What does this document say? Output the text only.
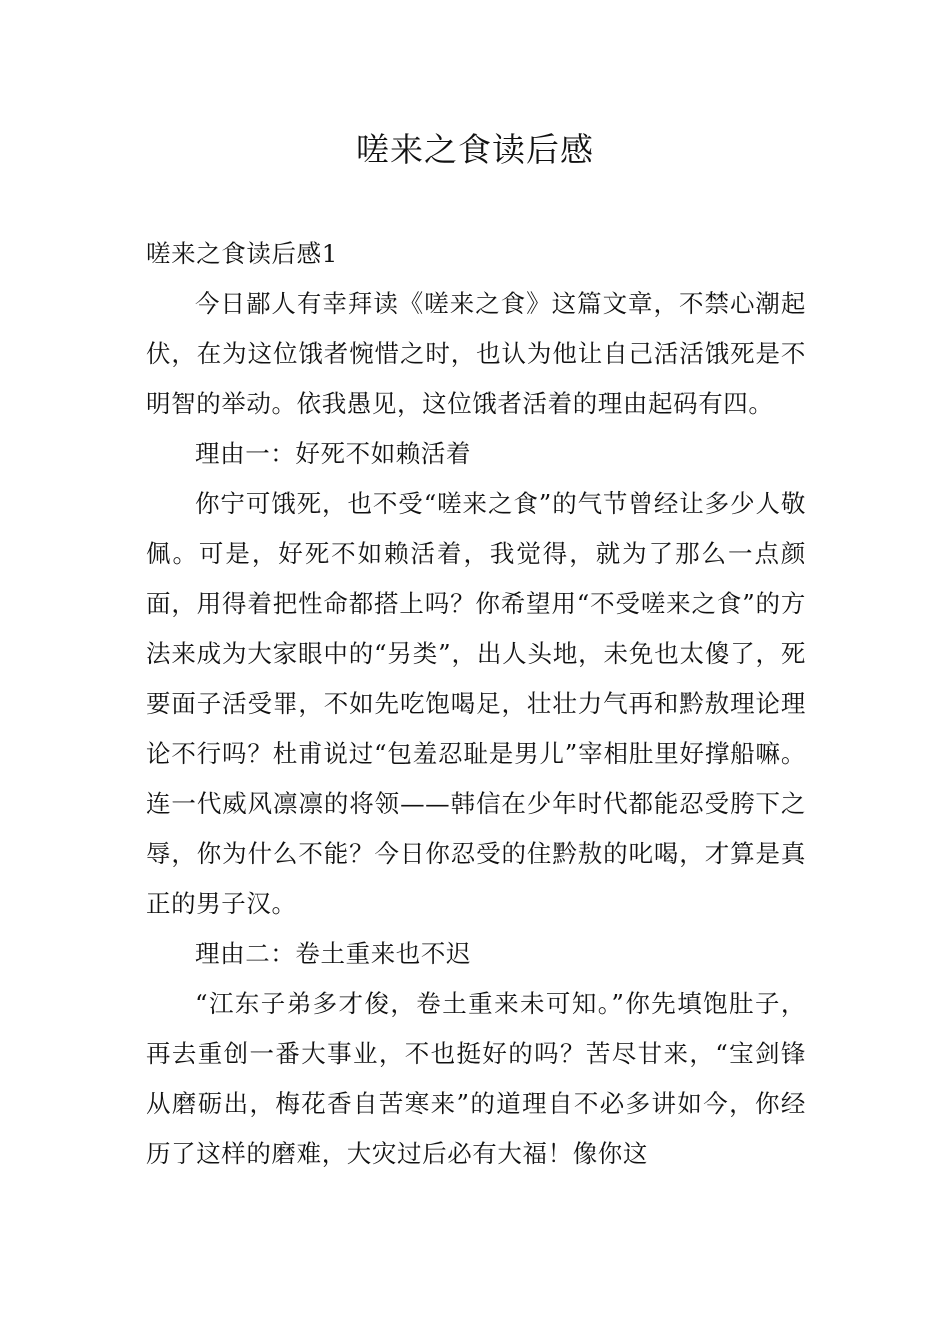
嗟来之食读后感

嗟来之食读后感1

今日鄙人有幸拜读《嗟来之食》这篇文章，不禁心潮起伏，在为这位饿者惋惜之时，也认为他让自己活活饿死是不明智的举动。依我愚见，这位饿者活着的理由起码有四。

理由一：好死不如赖活着

你宁可饿死，也不受“嗟来之食”的气节曾经让多少人敬佩。可是，好死不如赖活着，我觉得，就为了那么一点颜面，用得着把性命都搭上吗？你希望用“不受嗟来之食”的方法来成为大家眼中的“另类”，出人头地，未免也太傻了，死要面子活受罪，不如先吃饱喝足，壮壮力气再和黔敖理论理论不行吗？杜甫说过“包羞忍耻是男儿”宰相肚里好撑船嘛。连一代威风凛凛的将领——韩信在少年时代都能忍受胯下之辱，你为什么不能？今日你忍受的住黔敖的叱喝，才算是真正的男子汉。

理由二：卷土重来也不迟

“江东子弟多才俊，卷土重来未可知。”你先填饱肚子，再去重创一番大事业，不也挺好的吗？苦尽甘来，“宝剑锋从磨砺出，梅花香自苦寒来”的道理自不必多讲如今，你经历了这样的磨难，大灾过后必有大福！像你这
